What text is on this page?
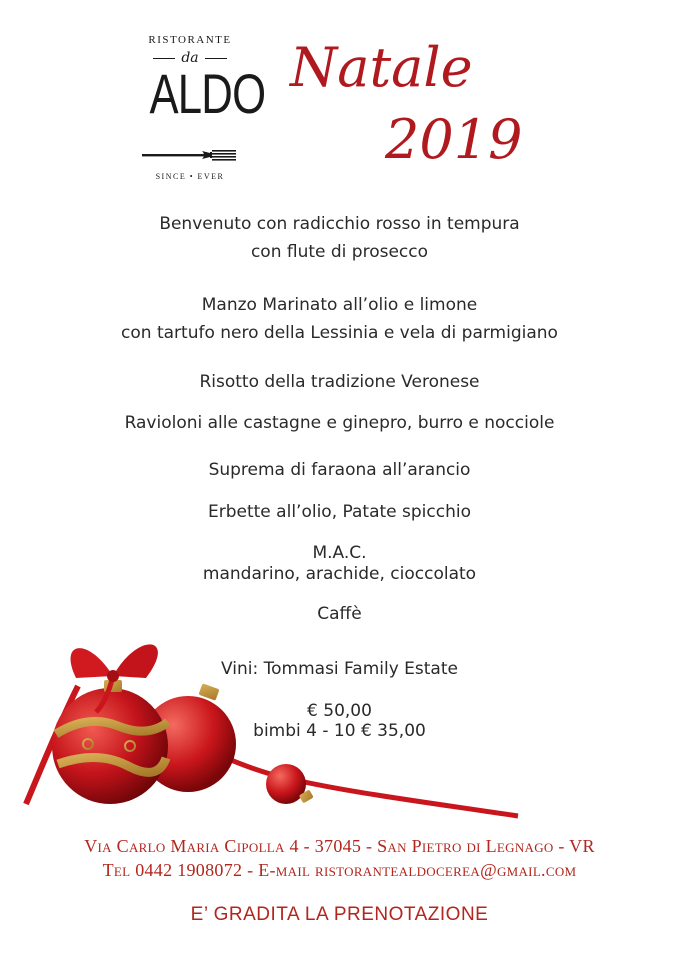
RISTORANTE
da
ALDO
SINCE • EVER
Natale
2019
Benvenuto con radicchio rosso in tempura
con flute di prosecco
Manzo Marinato all’olio e limone
con tartufo nero della Lessinia e vela di parmigiano
Risotto della tradizione Veronese
Ravioloni alle castagne e ginepro, burro e nocciole
Suprema di faraona all’arancio
Erbette all’olio, Patate spicchio
M.A.C.
mandarino, arachide, cioccolato
Caffè
Vini: Tommasi Family Estate
€ 50,00
bimbi 4 - 10 € 35,00
Via Carlo Maria Cipolla 4 - 37045 - San Pietro di Legnago - VR
Tel 0442 1908072 - E-mail ristorantealdocerea@gmail.com
E’ GRADITA LA PRENOTAZIONE
